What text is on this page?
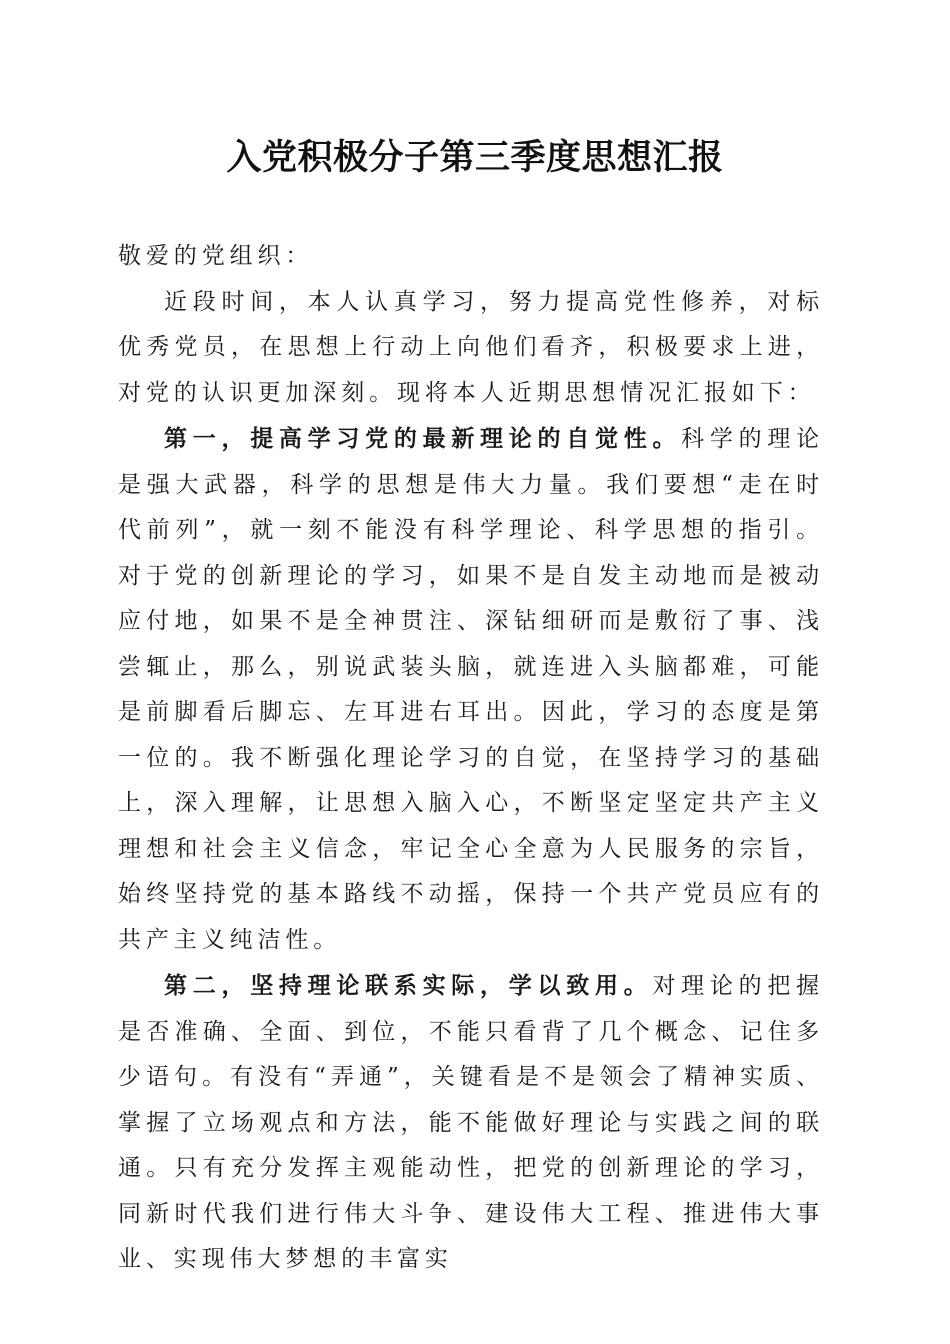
入党积极分子第三季度思想汇报

敬爱的党组织：

近段时间，本人认真学习，努力提高党性修养，对标优秀党员，在思想上行动上向他们看齐，积极要求上进，对党的认识更加深刻。现将本人近期思想情况汇报如下：

第一，提高学习党的最新理论的自觉性。科学的理论是强大武器，科学的思想是伟大力量。我们要想“走在时代前列”，就一刻不能没有科学理论、科学思想的指引。对于党的创新理论的学习，如果不是自发主动地而是被动应付地，如果不是全神贯注、深钻细研而是敷衍了事、浅尝辄止，那么，别说武装头脑，就连进入头脑都难，可能是前脚看后脚忘、左耳进右耳出。因此，学习的态度是第一位的。我不断强化理论学习的自觉，在坚持学习的基础上，深入理解，让思想入脑入心，不断坚定坚定共产主义理想和社会主义信念，牢记全心全意为人民服务的宗旨，始终坚持党的基本路线不动摇，保持一个共产党员应有的共产主义纯洁性。

第二，坚持理论联系实际，学以致用。对理论的把握是否准确、全面、到位，不能只看背了几个概念、记住多少语句。有没有“弄通”，关键看是不是领会了精神实质、掌握了立场观点和方法，能不能做好理论与实践之间的联通。只有充分发挥主观能动性，把党的创新理论的学习，同新时代我们进行伟大斗争、建设伟大工程、推进伟大事业、实现伟大梦想的丰富实
